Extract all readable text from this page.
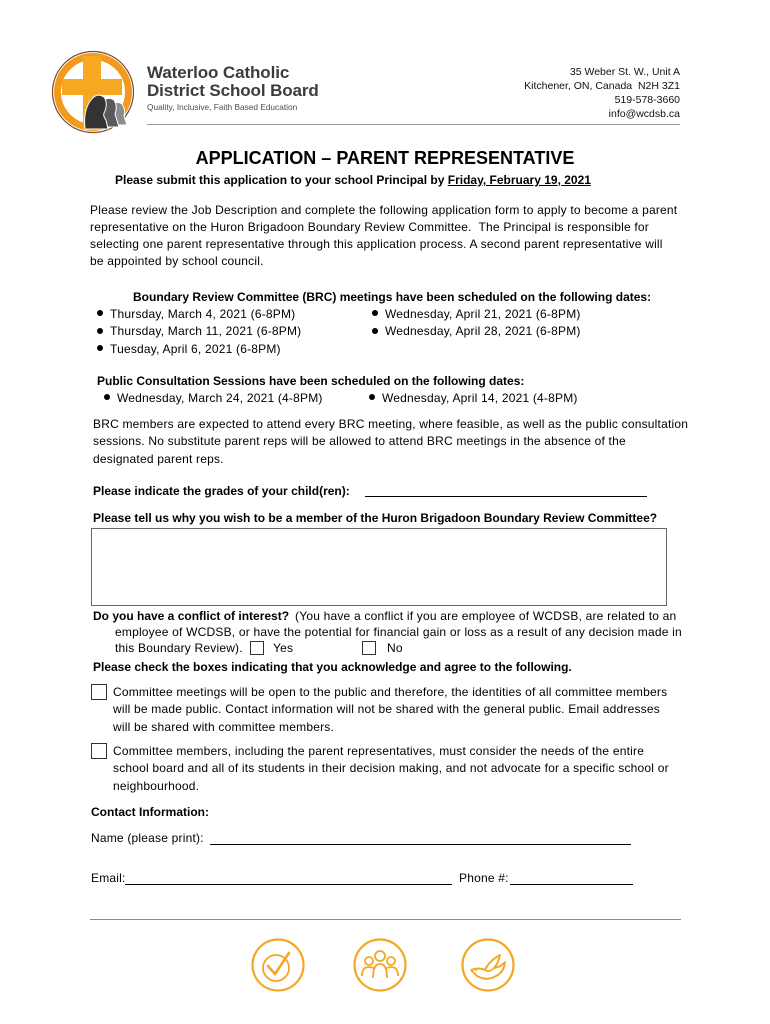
Waterloo Catholic
District School Board
Quality, Inclusive, Faith Based Education
35 Weber St. W., Unit A
Kitchener, ON, Canada  N2H 3Z1
519-578-3660
info@wcdsb.ca
APPLICATION – PARENT REPRESENTATIVE
Please submit this application to your school Principal by Friday, February 19, 2021
Please review the Job Description and complete the following application form to apply to become a parent
representative on the Huron Brigadoon Boundary Review Committee.  The Principal is responsible for
selecting one parent representative through this application process. A second parent representative will
be appointed by school council.
Boundary Review Committee (BRC) meetings have been scheduled on the following dates:
Thursday, March 4, 2021 (6-8PM)
Thursday, March 11, 2021 (6-8PM)
Tuesday, April 6, 2021 (6-8PM)
Wednesday, April 21, 2021 (6-8PM)
Wednesday, April 28, 2021 (6-8PM)
Public Consultation Sessions have been scheduled on the following dates:
Wednesday, March 24, 2021 (4-8PM)	Wednesday, April 14, 2021 (4-8PM)
BRC members are expected to attend every BRC meeting, where feasible, as well as the public consultation
sessions. No substitute parent reps will be allowed to attend BRC meetings in the absence of the
designated parent reps.
Please indicate the grades of your child(ren):
Please tell us why you wish to be a member of the Huron Brigadoon Boundary Review Committee?
Do you have a conflict of interest? (You have a conflict if you are employee of WCDSB, are related to an
employee of WCDSB, or have the potential for financial gain or loss as a result of any decision made in
this Boundary Review).	Yes	No
Please check the boxes indicating that you acknowledge and agree to the following.
Committee meetings will be open to the public and therefore, the identities of all committee members
will be made public. Contact information will not be shared with the general public. Email addresses
will be shared with committee members.
Committee members, including the parent representatives, must consider the needs of the entire
school board and all of its students in their decision making, and not advocate for a specific school or
neighbourhood.
Contact Information:
Name (please print):
Email:	Phone #:
